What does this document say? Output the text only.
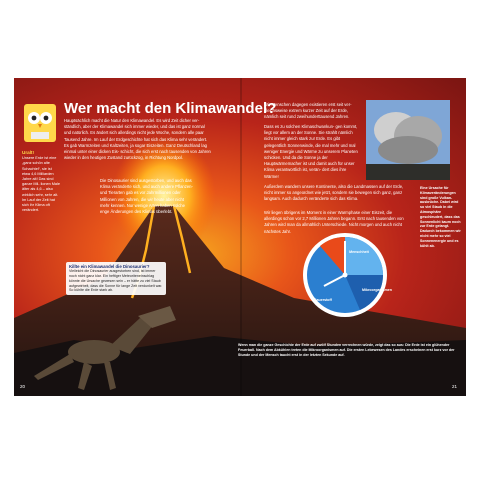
Wer macht den Klimawandel?
Uralt!
Unsere Erde ist eine „ganz schön alte Schachtel“, sie ist etwa 4,6 Milliarden Jahre alt! Das sind ganze Mil- lionen Male älter als 4,6 – also wirklich sehr, sehr alt. Im Lauf der Zeit hat sich ihr Klima oft verändert.

Hauptsächlich macht die Natur den Klimawandel. Es wird Zeit dicher ver- ständlich, aber der Klimawandel sich immer wieder, und das ist ganz normal und natürlich. Es ändert sich allerdings nicht jede Woche, sondern alle paar Tausend Jahre. Im Lauf der Erdgeschichte hat sich das Klima sehr verändert. Es gab Warmzeiten und Kaltzeiten, ja sogar Eiszeiten. Ganz Deutschland lag einmal unter einer dicken Eis- schicht, die sich erst nach tausenden von Jahren wieder in den heutigen Zustand zurückzog, in Richtung Nordpol.

Die Dinosaurier sind ausgestorben, und auch das Klima veränderte sich, und auch andere Pflanzen- und Tierarten gab es vor Jahrmillionen oder Millionen von Jahren, die wir heute aber nicht mehr kennen. Nur wenige Arten haben solche enge Änderungen des Klimas überlebt.

Killte ein Klimawandel die Dinosaurier?
Vielleicht die Dinosaurier ausgestorben sind, ist immer noch nicht ganz klar. Ein heftiger Meteoriteneinschlag könnte die Ursache gewesen sein – er hätte zu viel Staub aufgewirbelt, dass die Sonne für lange Zeit verdunkelt war. So kühlte die Erde stark ab.

Wir Menschen dagegen existieren erst seit ver- gleichsweise extrem kurzer Zeit auf der Erde, nämlich seit rund zweihunderttausend Jahren.

Dass es zu solchen Klimaschwankun- gen kommt, liegt vor allem an der Sonne. Sie strahlt nämlich nicht immer gleich stark zur Erde. Es gibt gelegentlich Sonnenwinde, die mal mehr und mal weniger Energie und Wärme zu unserem Planeten schicken. Und da die Sonne ja der Hauptwärmemacher ist und damit auch für unser Klima verantwortlich ist, verän- dert dies ihre Wärme!

Außerdem wandern unsere Kontinente, also die Landmassen auf der Erde, nicht immer so angeordnet wie jetzt, sondern sie bewegen sich ganz, ganz langsam. Auch dadurch veränderte sich das Klima.

Wir liegen übrigens im Moment in einer Warmphase einer Eiszeit, die allerdings schon vor 2,7 Millionen Jahren begann. Erst nach tausenden von Jahren wird man da allmählich Unterschiede. Nicht morgen und auch nicht nächstes Jahr.

Eine Ursache für Klimaveränderungen sind große Vulkan- ausbrüche. Dabei wird so viel Staub in die Atmosphäre geschleudert, dass das Sonnenlicht kaum noch zur Erde gelangt. Dadurch bekommen wir nicht mehr so viel Sonnenenergie und es kühlt ab.
Sauerstoff
Mikroorganismen
Menschheit
Wenn man die ganze Geschichte der Erde auf zwölf Stunden verrechnen würde, zeigt das so aus: Die Erde ist ein glühender Feuerball. Nach dem Abkühlen treten die Mikroorganismen auf. Die ersten Lebewesen des Landes erscheinen erst kurz vor der Stunde und der Mensch taucht erst in der letzten Sekunde auf.
20	21
